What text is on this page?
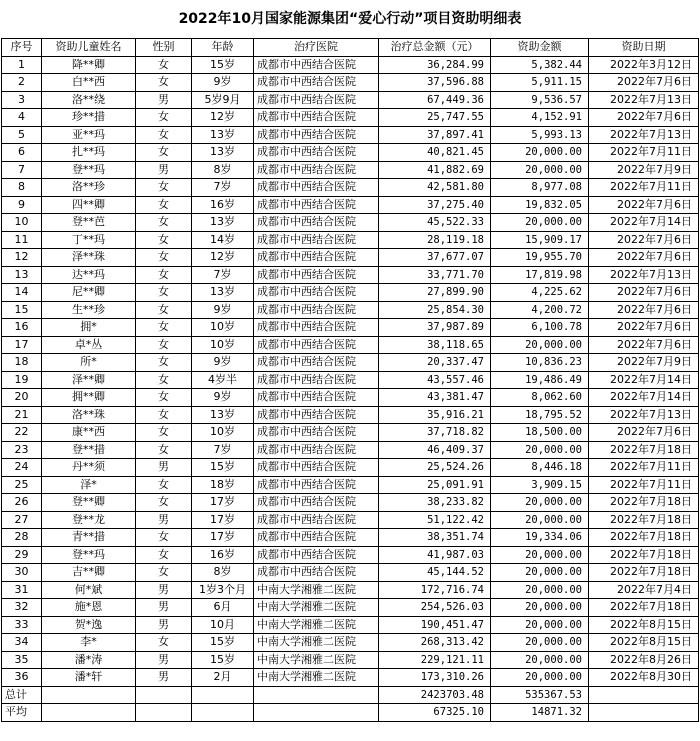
2022年10月国家能源集团“爱心行动”项目资助明细表
序号	资助儿童姓名	性别	年龄	治疗医院	治疗总金额（元）	资助金额	资助日期
1	降**卿	女	15岁	成都市中西结合医院	36,284.99	5,382.44	2022年3月12日
2	白**西	女	9岁	成都市中西结合医院	37,596.88	5,911.15	2022年7月6日
3	洛**绕	男	5岁9月	成都市中西结合医院	67,449.36	9,536.57	2022年7月13日
4	珍**措	女	12岁	成都市中西结合医院	25,747.55	4,152.91	2022年7月6日
5	亚**玛	女	13岁	成都市中西结合医院	37,897.41	5,993.13	2022年7月13日
6	扎**玛	女	13岁	成都市中西结合医院	40,821.45	20,000.00	2022年7月11日
7	登**玛	男	8岁	成都市中西结合医院	41,882.69	20,000.00	2022年7月9日
8	洛**珍	女	7岁	成都市中西结合医院	42,581.80	8,977.08	2022年7月11日
9	四**卿	女	16岁	成都市中西结合医院	37,275.40	19,832.05	2022年7月6日
10	登**芭	女	13岁	成都市中西结合医院	45,522.33	20,000.00	2022年7月14日
11	丁**玛	女	14岁	成都市中西结合医院	28,119.18	15,909.17	2022年7月6日
12	泽**珠	女	12岁	成都市中西结合医院	37,677.07	19,955.70	2022年7月6日
13	达**玛	女	7岁	成都市中西结合医院	33,771.70	17,819.98	2022年7月13日
14	尼**卿	女	13岁	成都市中西结合医院	27,899.90	4,225.62	2022年7月6日
15	生**珍	女	9岁	成都市中西结合医院	25,854.30	4,200.72	2022年7月6日
16	拥*	女	10岁	成都市中西结合医院	37,987.89	6,100.78	2022年7月6日
17	卓*丛	女	10岁	成都市中西结合医院	38,118.65	20,000.00	2022年7月6日
18	所*	女	9岁	成都市中西结合医院	20,337.47	10,836.23	2022年7月9日
19	泽**卿	女	4岁半	成都市中西结合医院	43,557.46	19,486.49	2022年7月14日
20	拥**卿	女	9岁	成都市中西结合医院	43,381.47	8,062.60	2022年7月14日
21	洛**珠	女	13岁	成都市中西结合医院	35,916.21	18,795.52	2022年7月13日
22	康**西	女	10岁	成都市中西结合医院	37,718.82	18,500.00	2022年7月6日
23	登**措	女	7岁	成都市中西结合医院	46,409.37	20,000.00	2022年7月18日
24	丹**须	男	15岁	成都市中西结合医院	25,524.26	8,446.18	2022年7月11日
25	泽*	女	18岁	成都市中西结合医院	25,091.91	3,909.15	2022年7月11日
26	登**卿	女	17岁	成都市中西结合医院	38,233.82	20,000.00	2022年7月18日
27	登**龙	男	17岁	成都市中西结合医院	51,122.42	20,000.00	2022年7月18日
28	青**措	女	17岁	成都市中西结合医院	38,351.74	19,334.06	2022年7月18日
29	登**玛	女	16岁	成都市中西结合医院	41,987.03	20,000.00	2022年7月18日
30	吉**卿	女	8岁	成都市中西结合医院	45,144.52	20,000.00	2022年7月18日
31	何*斌	男	1岁3个月	中南大学湘雅二医院	172,716.74	20,000.00	2022年7月4日
32	施*恩	男	6月	中南大学湘雅二医院	254,526.03	20,000.00	2022年7月18日
33	贺*逸	男	10月	中南大学湘雅二医院	190,451.47	20,000.00	2022年8月15日
34	李*	女	15岁	中南大学湘雅二医院	268,313.42	20,000.00	2022年8月15日
35	潘*涛	男	15岁	中南大学湘雅二医院	229,121.11	20,000.00	2022年8月26日
36	潘*轩	男	2月	中南大学湘雅二医院	173,310.26	20,000.00	2022年8月30日
总计					2423703.48	535367.53	
平均					67325.10	14871.32	
